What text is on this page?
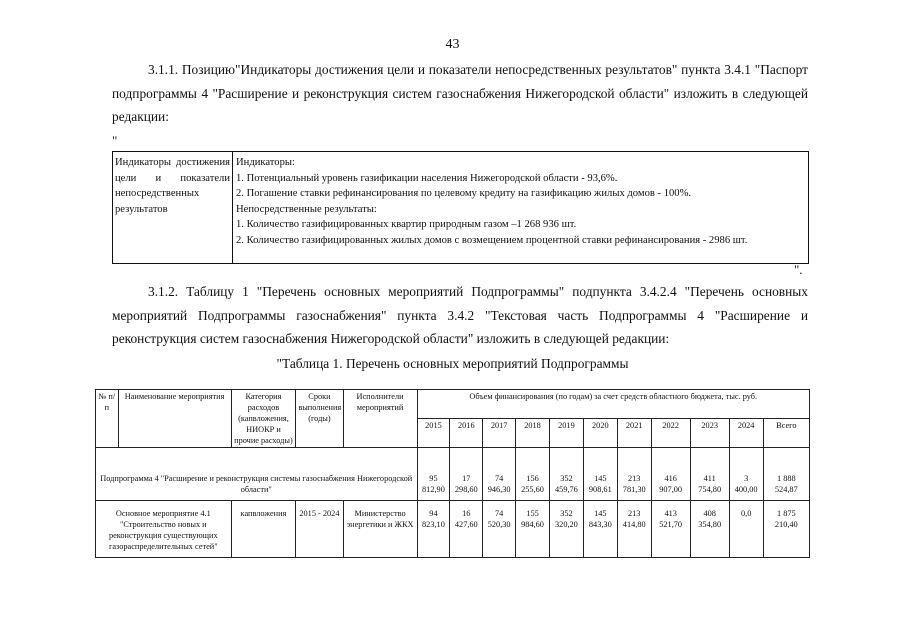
43
3.1.1. Позицию"Индикаторы достижения цели и показатели непосредственных результатов" пункта 3.4.1 "Паспорт подпрограммы 4 "Расширение и реконструкция систем газоснабжения Нижегородской области" изложить в следующей редакции:
"
Индикаторы достижения цели и показатели непосредственных результатов
Индикаторы:
1. Потенциальный уровень газификации населения Нижегородской области - 93,6%.
2. Погашение ставки рефинансирования по целевому кредиту на газификацию жилых домов - 100%.
Непосредственные результаты:
1. Количество газифицированных квартир природным газом –1 268 936 шт.
2. Количество газифицированных жилых домов с возмещением процентной ставки рефинансирования - 2986 шт.
".
3.1.2. Таблицу 1 "Перечень основных мероприятий Подпрограммы" подпункта 3.4.2.4 "Перечень основных мероприятий Подпрограммы газоснабжения" пункта 3.4.2 "Текстовая часть Подпрограммы 4 "Расширение и реконструкция систем газоснабжения Нижегородской области" изложить в следующей редакции:
"Таблица 1. Перечень основных мероприятий Подпрограммы
№ п/п	Наименование мероприятия	Категория расходов (капвложения, НИОКР и прочие расходы)	Сроки выполнения (годы)	Исполнители мероприятий	Объем финансирования (по годам) за счет средств областного бюджета, тыс. руб.										
					2015	2016	2017	2018	2019	2020	2021	2022	2023	2024	Всего
Подпрограмма 4 "Расширение и реконструкция системы газоснабжения Нижегородской области"					95 812,90	17 298,60	74 946,30	156 255,60	352 459,76	145 908,61	213 781,30	416 907,00	411 754,80	3 400,00	1 888 524,87
Основное мероприятие 4.1 "Строительство новых и реконструкция существующих газораспределительных сетей"		капвложения	2015 - 2024	Министерство энергетики и ЖКХ	94 823,10	16 427,60	74 520,30	155 984,60	352 320,20	145 843,30	213 414,80	413 521,70	408 354,80	0,0	1 875 210,40
